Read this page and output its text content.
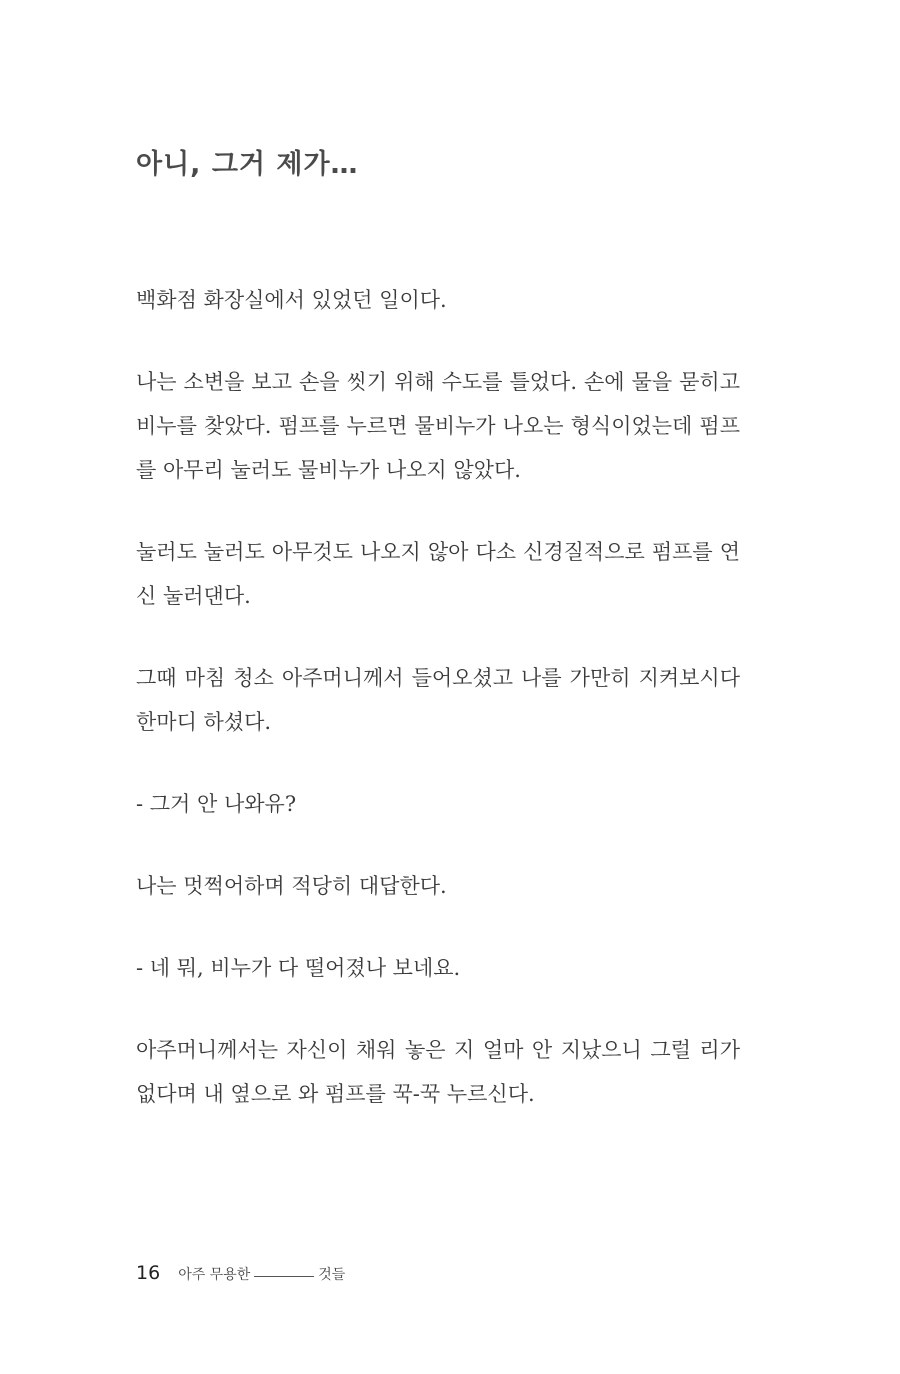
아니, 그거 제가…

백화점 화장실에서 있었던 일이다.

나는 소변을 보고 손을 씻기 위해 수도를 틀었다. 손에 물을 묻히고 비누를 찾았다. 펌프를 누르면 물비누가 나오는 형식이었는데 펌프를 아무리 눌러도 물비누가 나오지 않았다.

눌러도 눌러도 아무것도 나오지 않아 다소 신경질적으로 펌프를 연신 눌러댄다.

그때 마침 청소 아주머니께서 들어오셨고 나를 가만히 지켜보시다 한마디 하셨다.

- 그거 안 나와유?

나는 멋쩍어하며 적당히 대답한다.

- 네 뭐, 비누가 다 떨어졌나 보네요.

아주머니께서는 자신이 채워 놓은 지 얼마 안 지났으니 그럴 리가 없다며 내 옆으로 와 펌프를 꾹-꾹 누르신다.

16 아주 무용한	것들
